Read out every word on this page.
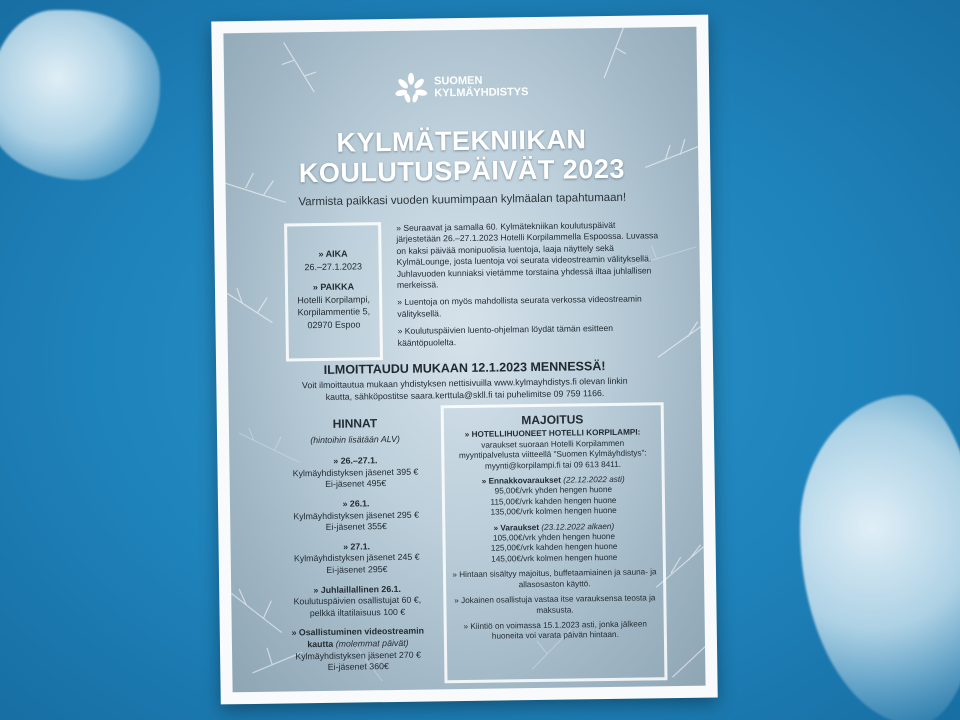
SUOMEN
KYLMÄYHDISTYS
KYLMÄTEKNIIKAN
KOULUTUSPÄIVÄT 2023
Varmista paikkasi vuoden kuumimpaan kylmäalan tapahtumaan!
» AIKA
26.–27.1.2023
» PAIKKA
Hotelli Korpilampi,
Korpilammentie 5,
02970 Espoo

» Seuraavat ja samalla 60. Kylmätekniikan koulutuspäivät järjestetään 26.–27.1.2023 Hotelli Korpilammella Espoossa. Luvassa on kaksi päivää monipuolisia luentoja, laaja näyttely sekä KylmäLounge, josta luentoja voi seurata videostreamin välityksellä. Juhlavuoden kunniaksi vietämme torstaina yhdessä iltaa juhlallisen merkeissä.

» Luentoja on myös mahdollista seurata verkossa videostreamin välityksellä.

» Koulutuspäivien luento-ohjelman löydät tämän esitteen kääntöpuolelta.

ILMOITTAUDU MUKAAN 12.1.2023 MENNESSÄ!
Voit ilmoittautua mukaan yhdistyksen nettisivuilla www.kylmayhdistys.fi olevan linkin
kautta, sähköpostitse saara.kerttula@skll.fi tai puhelimitse 09 759 1166.
HINNAT
(hintoihin lisätään ALV)
» 26.–27.1.
Kylmäyhdistyksen jäsenet 395 €
Ei-jäsenet 495€
» 26.1.
Kylmäyhdistyksen jäsenet 295 €
Ei-jäsenet 355€
» 27.1.
Kylmäyhdistyksen jäsenet 245 €
Ei-jäsenet 295€
» Juhlaillallinen 26.1.
Koulutuspäivien osallistujat 60 €,
pelkkä iltatilaisuus 100 €
» Osallistuminen videostreamin
kautta (molemmat päivät)
Kylmäyhdistyksen jäsenet 270 €
Ei-jäsenet 360€
MAJOITUS
» HOTELLIHUONEET HOTELLI KORPILAMPI:
varaukset suoraan Hotelli Korpilammen
myyntipalvelusta viitteellä "Suomen Kylmäyhdistys":
myynti@korpilampi.fi tai 09 613 8411.
» Ennakkovaraukset (22.12.2022 asti)
95,00€/vrk yhden hengen huone
115,00€/vrk kahden hengen huone
135,00€/vrk kolmen hengen huone
» Varaukset (23.12.2022 alkaen)
105,00€/vrk yhden hengen huone
125,00€/vrk kahden hengen huone
145,00€/vrk kolmen hengen huone
» Hintaan sisältyy majoitus, buffetaamiainen ja sauna- ja allasosaston käyttö.
» Jokainen osallistuja vastaa itse varauksensa teosta ja maksusta.
» Kiintiö on voimassa 15.1.2023 asti, jonka jälkeen huoneita voi varata päivän hintaan.
